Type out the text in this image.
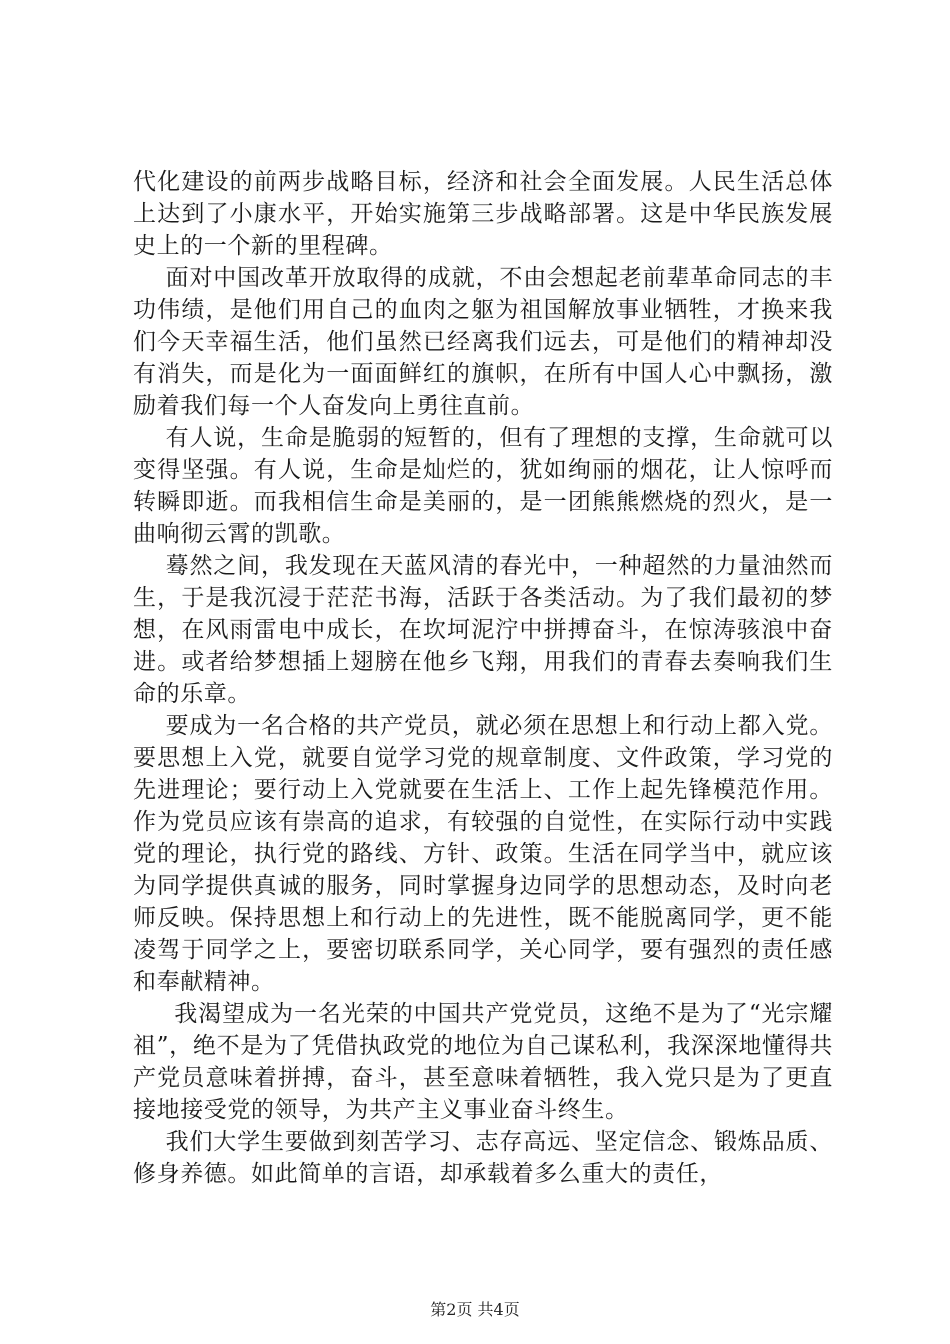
代化建设的前两步战略目标，经济和社会全面发展。人民生活总体上达到了小康水平，开始实施第三步战略部署。这是中华民族发展史上的一个新的里程碑。

面对中国改革开放取得的成就，不由会想起老前辈革命同志的丰功伟绩，是他们用自己的血肉之躯为祖国解放事业牺牲，才换来我们今天幸福生活，他们虽然已经离我们远去，可是他们的精神却没有消失，而是化为一面面鲜红的旗帜，在所有中国人心中飘扬，激励着我们每一个人奋发向上勇往直前。

有人说，生命是脆弱的短暂的，但有了理想的支撑，生命就可以变得坚强。有人说，生命是灿烂的，犹如绚丽的烟花，让人惊呼而转瞬即逝。而我相信生命是美丽的，是一团熊熊燃烧的烈火，是一曲响彻云霄的凯歌。

蓦然之间，我发现在天蓝风清的春光中，一种超然的力量油然而生，于是我沉浸于茫茫书海，活跃于各类活动。为了我们最初的梦想，在风雨雷电中成长，在坎坷泥泞中拼搏奋斗，在惊涛骇浪中奋进。或者给梦想插上翅膀在他乡飞翔，用我们的青春去奏响我们生命的乐章。

要成为一名合格的共产党员，就必须在思想上和行动上都入党。要思想上入党，就要自觉学习党的规章制度、文件政策，学习党的先进理论；要行动上入党就要在生活上、工作上起先锋模范作用。作为党员应该有崇高的追求，有较强的自觉性，在实际行动中实践党的理论，执行党的路线、方针、政策。生活在同学当中，就应该为同学提供真诚的服务，同时掌握身边同学的思想动态，及时向老师反映。保持思想上和行动上的先进性，既不能脱离同学，更不能凌驾于同学之上，要密切联系同学，关心同学，要有强烈的责任感和奉献精神。

我渴望成为一名光荣的中国共产党党员，这绝不是为了“光宗耀祖”，绝不是为了凭借执政党的地位为自己谋私利，我深深地懂得共产党员意味着拼搏，奋斗，甚至意味着牺牲，我入党只是为了更直接地接受党的领导，为共产主义事业奋斗终生。

我们大学生要做到刻苦学习、志存高远、坚定信念、锻炼品质、修身养德。如此简单的言语，却承载着多么重大的责任，

第2页 共4页
